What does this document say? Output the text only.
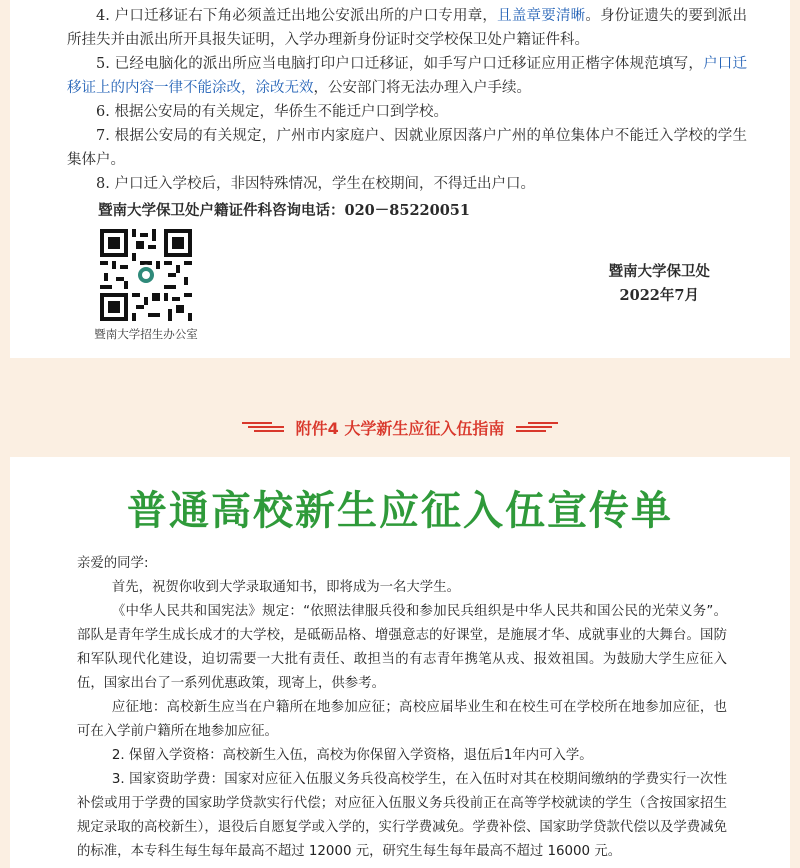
4. 户口迁移证右下角必须盖迁出地公安派出所的户口专用章，且盖章要清晰。身份证遗失的要到派出所挂失并由派出所开具报失证明，入学办理新身份证时交学校保卫处户籍证件科。

5. 已经电脑化的派出所应当电脑打印户口迁移证，如手写户口迁移证应用正楷字体规范填写，户口迁移证上的内容一律不能涂改，涂改无效，公安部门将无法办理入户手续。

6. 根据公安局的有关规定，华侨生不能迁户口到学校。

7. 根据公安局的有关规定，广州市内家庭户、因就业原因落户广州的单位集体户不能迁入学校的学生集体户。

8. 户口迁入学校后，非因特殊情况，学生在校期间，不得迁出户口。

暨南大学保卫处户籍证件科咨询电话：020－85220051

暨南大学招生办公室

暨南大学保卫处
2022年7月
附件4 大学新生应征入伍指南
普通高校新生应征入伍宣传单

亲爱的同学:

首先，祝贺你收到大学录取通知书，即将成为一名大学生。

《中华人民共和国宪法》规定：“依照法律服兵役和参加民兵组织是中华人民共和国公民的光荣义务”。部队是青年学生成长成才的大学校，是砥砺品格、增强意志的好课堂，是施展才华、成就事业的大舞台。国防和军队现代化建设，迫切需要一大批有责任、敢担当的有志青年携笔从戎、报效祖国。为鼓励大学生应征入伍，国家出台了一系列优惠政策，现寄上，供参考。

应征地：高校新生应当在户籍所在地参加应征；高校应届毕业生和在校生可在学校所在地参加应征，也可在入学前户籍所在地参加应征。

2. 保留入学资格：高校新生入伍，高校为你保留入学资格，退伍后1年内可入学。

3. 国家资助学费：国家对应征入伍服义务兵役高校学生，在入伍时对其在校期间缴纳的学费实行一次性补偿或用于学费的国家助学贷款实行代偿；对应征入伍服义务兵役前正在高等学校就读的学生（含按国家招生规定录取的高校新生），退役后自愿复学或入学的，实行学费减免。学费补偿、国家助学贷款代偿以及学费减免的标准，本专科生每生每年最高不超过 12000 元，研究生每生每年最高不超过 16000 元。
